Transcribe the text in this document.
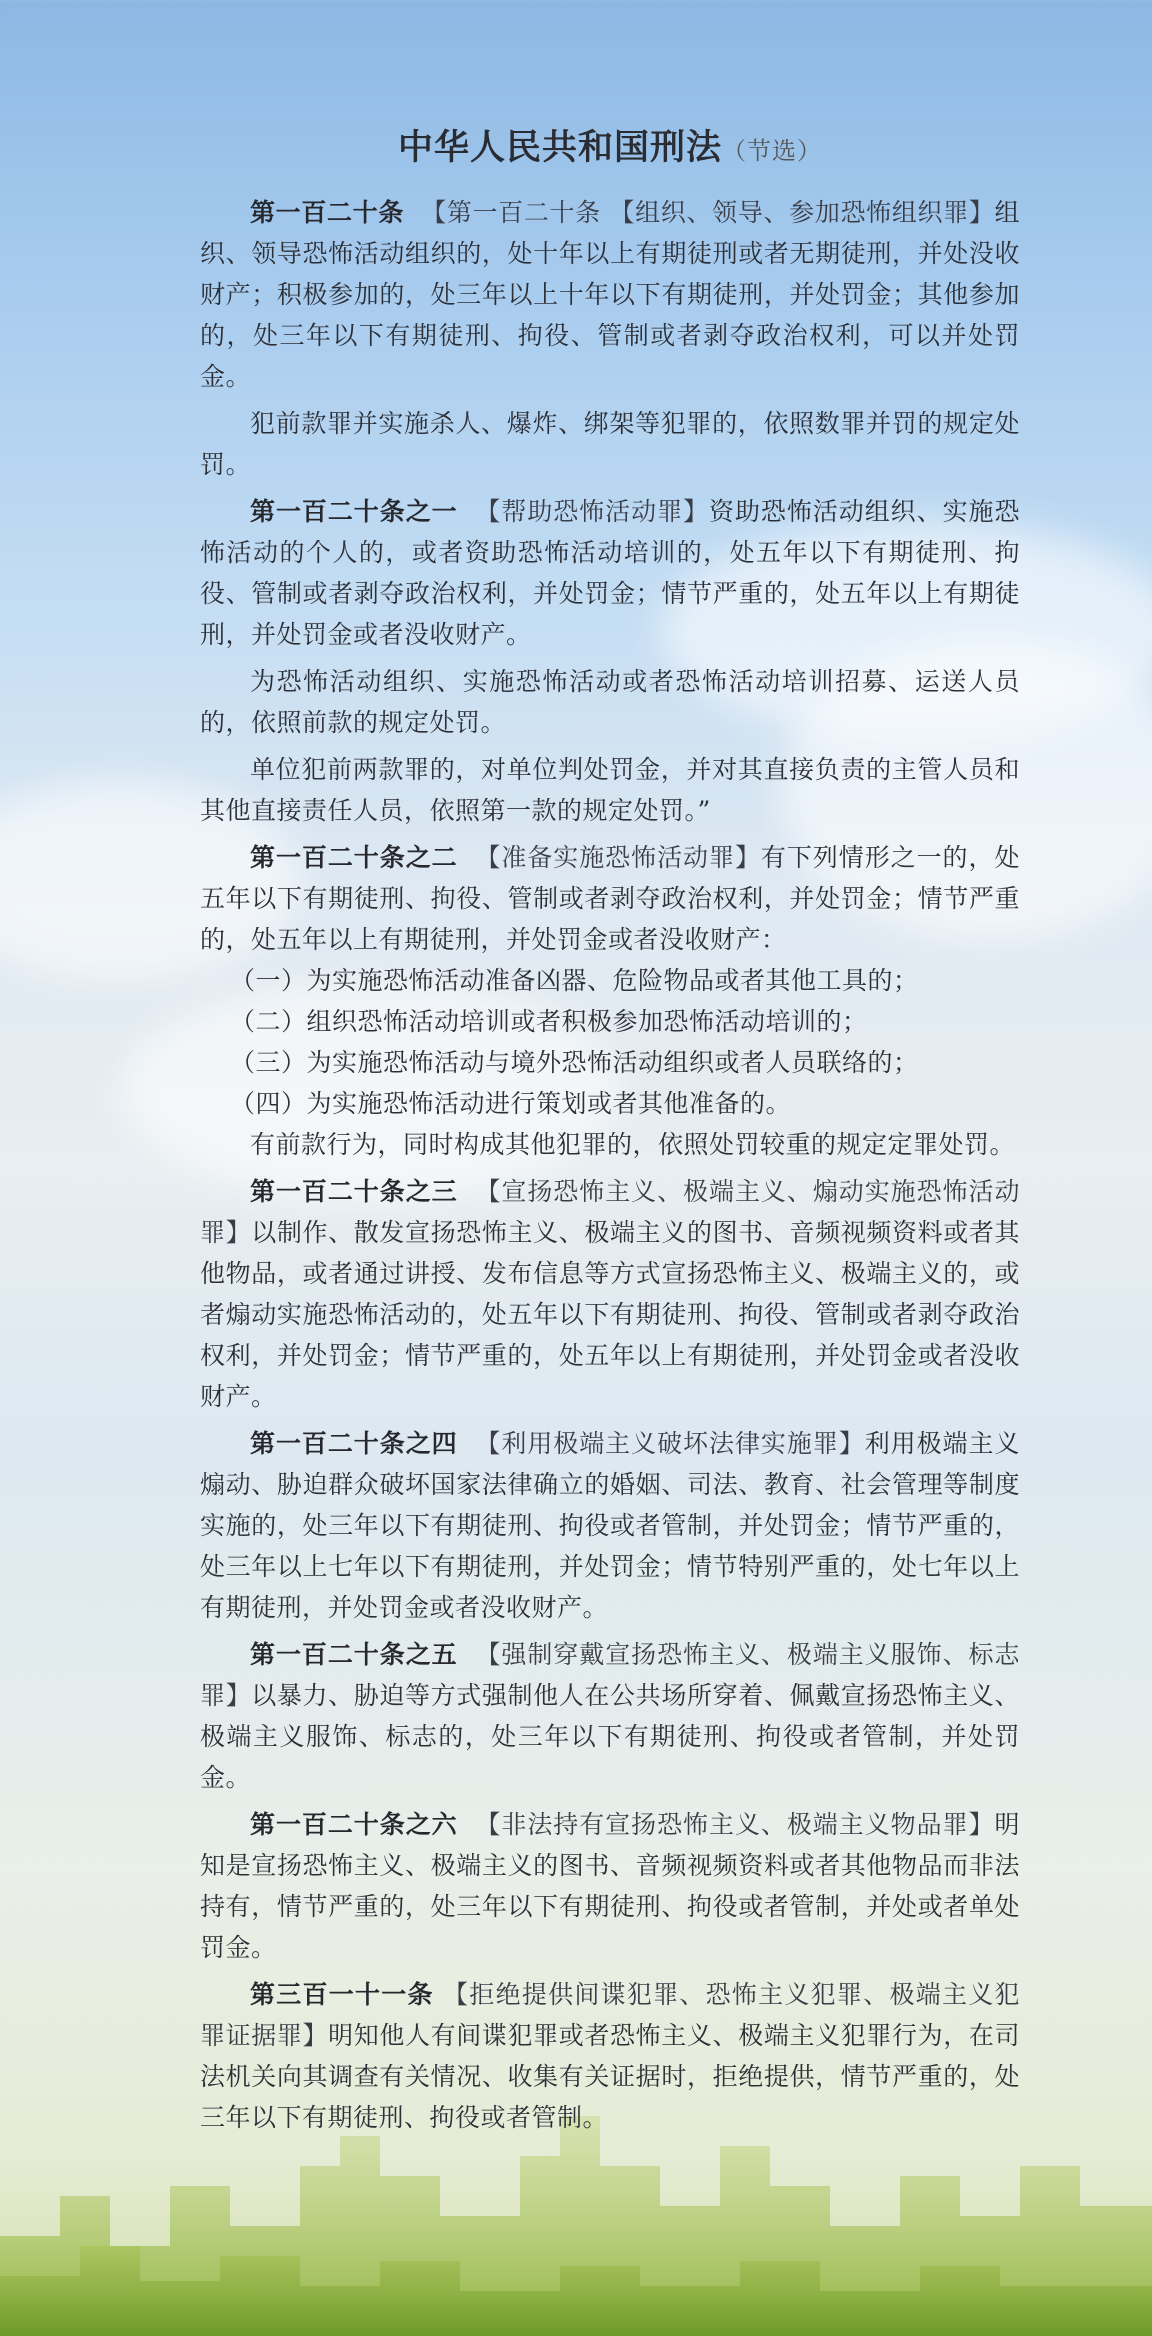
中华人民共和国刑法（节选）

第一百二十条 【第一百二十条 【组织、领导、参加恐怖组织罪】组织、领导恐怖活动组织的，处十年以上有期徒刑或者无期徒刑，并处没收财产；积极参加的，处三年以上十年以下有期徒刑，并处罚金；其他参加的，处三年以下有期徒刑、拘役、管制或者剥夺政治权利，可以并处罚金。

犯前款罪并实施杀人、爆炸、绑架等犯罪的，依照数罪并罚的规定处罚。

第一百二十条之一 【帮助恐怖活动罪】资助恐怖活动组织、实施恐怖活动的个人的，或者资助恐怖活动培训的，处五年以下有期徒刑、拘役、管制或者剥夺政治权利，并处罚金；情节严重的，处五年以上有期徒刑，并处罚金或者没收财产。

为恐怖活动组织、实施恐怖活动或者恐怖活动培训招募、运送人员的，依照前款的规定处罚。

单位犯前两款罪的，对单位判处罚金，并对其直接负责的主管人员和其他直接责任人员，依照第一款的规定处罚。”

第一百二十条之二 【准备实施恐怖活动罪】有下列情形之一的，处五年以下有期徒刑、拘役、管制或者剥夺政治权利，并处罚金；情节严重的，处五年以上有期徒刑，并处罚金或者没收财产：

（一）为实施恐怖活动准备凶器、危险物品或者其他工具的；

（二）组织恐怖活动培训或者积极参加恐怖活动培训的；

（三）为实施恐怖活动与境外恐怖活动组织或者人员联络的；

（四）为实施恐怖活动进行策划或者其他准备的。

有前款行为，同时构成其他犯罪的，依照处罚较重的规定定罪处罚。

第一百二十条之三 【宣扬恐怖主义、极端主义、煽动实施恐怖活动罪】以制作、散发宣扬恐怖主义、极端主义的图书、音频视频资料或者其他物品，或者通过讲授、发布信息等方式宣扬恐怖主义、极端主义的，或者煽动实施恐怖活动的，处五年以下有期徒刑、拘役、管制或者剥夺政治权利，并处罚金；情节严重的，处五年以上有期徒刑，并处罚金或者没收财产。

第一百二十条之四 【利用极端主义破坏法律实施罪】利用极端主义煽动、胁迫群众破坏国家法律确立的婚姻、司法、教育、社会管理等制度实施的，处三年以下有期徒刑、拘役或者管制，并处罚金；情节严重的，处三年以上七年以下有期徒刑，并处罚金；情节特别严重的，处七年以上有期徒刑，并处罚金或者没收财产。

第一百二十条之五 【强制穿戴宣扬恐怖主义、极端主义服饰、标志罪】以暴力、胁迫等方式强制他人在公共场所穿着、佩戴宣扬恐怖主义、极端主义服饰、标志的，处三年以下有期徒刑、拘役或者管制，并处罚金。

第一百二十条之六 【非法持有宣扬恐怖主义、极端主义物品罪】明知是宣扬恐怖主义、极端主义的图书、音频视频资料或者其他物品而非法持有，情节严重的，处三年以下有期徒刑、拘役或者管制，并处或者单处罚金。

第三百一十一条 【拒绝提供间谍犯罪、恐怖主义犯罪、极端主义犯罪证据罪】明知他人有间谍犯罪或者恐怖主义、极端主义犯罪行为，在司法机关向其调查有关情况、收集有关证据时，拒绝提供，情节严重的，处三年以下有期徒刑、拘役或者管制。
